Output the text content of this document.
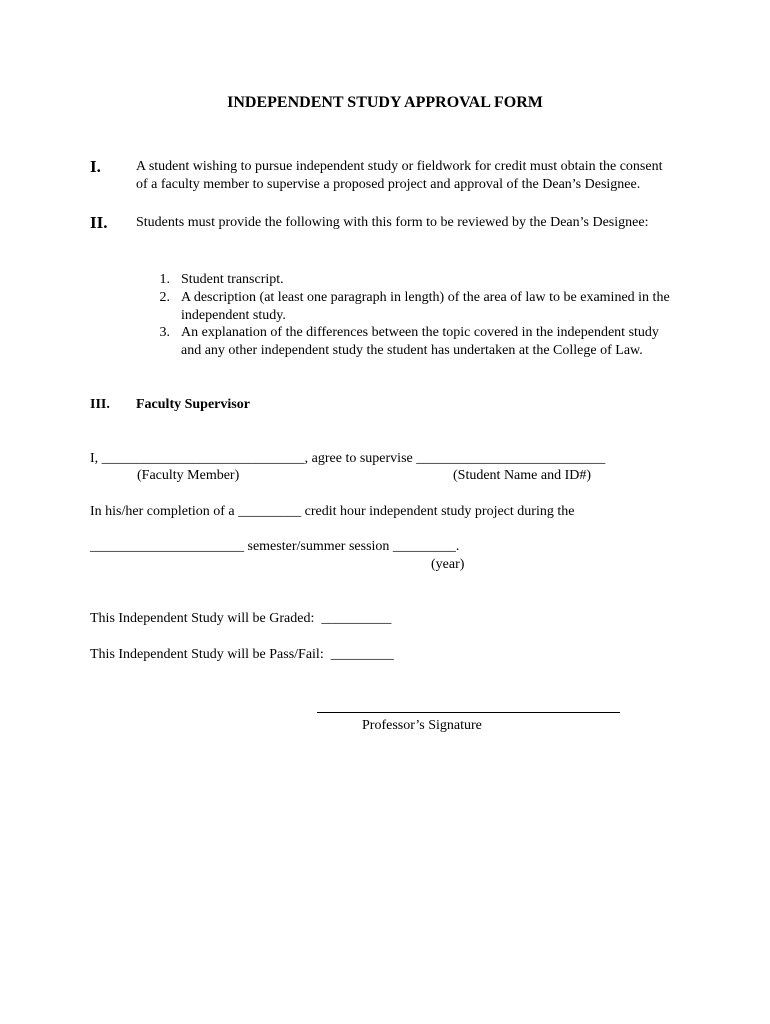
INDEPENDENT STUDY APPROVAL FORM

I.	A student wishing to pursue independent study or fieldwork for credit must obtain the consent of a faculty member to supervise a proposed project and approval of the Dean’s Designee.

II. Students must provide the following with this form to be reviewed by the Dean’s Designee:

1. Student transcript.
2. A description (at least one paragraph in length) of the area of law to be examined in the independent study.
3. An explanation of the differences between the topic covered in the independent study and any other independent study the student has undertaken at the College of Law.
III. Faculty Supervisor
I, _____________________________, agree to supervise ___________________________
(Faculty Member)	(Student Name and ID#)
In his/her completion of a _________ credit hour independent study project during the
______________________ semester/summer session _________.
(year)
This Independent Study will be Graded:  __________
This Independent Study will be Pass/Fail:  _________
Professor’s Signature
